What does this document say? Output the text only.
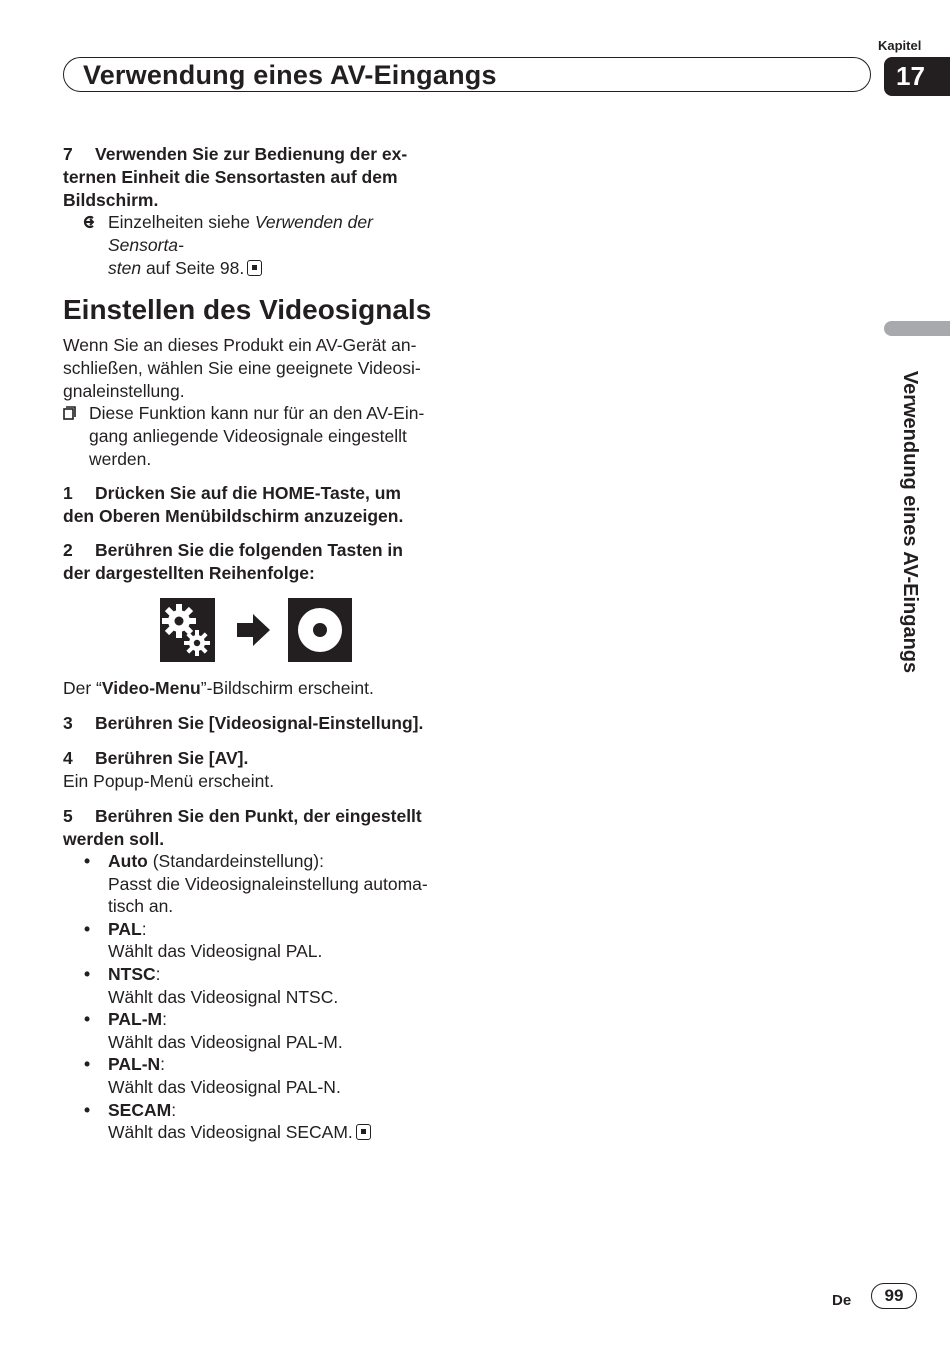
Kapitel
17
Verwendung eines AV-Eingangs
Verwendung eines AV-Eingangs
7 Verwenden Sie zur Bedienung der ex-
ternen Einheit die Sensortasten auf dem
Bildschirm.
Einzelheiten siehe Verwenden der Sensorta-
sten auf Seite 98.
Einstellen des Videosignals
Wenn Sie an dieses Produkt ein AV-Gerät an-
schließen, wählen Sie eine geeignete Videosi-
gnaleinstellung.
Diese Funktion kann nur für an den AV-Ein-
gang anliegende Videosignale eingestellt
werden.
1 Drücken Sie auf die HOME-Taste, um
den Oberen Menübildschirm anzuzeigen.
2 Berühren Sie die folgenden Tasten in
der dargestellten Reihenfolge:
Der “Video-Menu”-Bildschirm erscheint.
3 Berühren Sie [Videosignal-Einstellung].
4 Berühren Sie [AV].
Ein Popup-Menü erscheint.
5 Berühren Sie den Punkt, der eingestellt
werden soll.
• Auto (Standardeinstellung):
Passt die Videosignaleinstellung automa-
tisch an.
• PAL:
Wählt das Videosignal PAL.
• NTSC:
Wählt das Videosignal NTSC.
• PAL-M:
Wählt das Videosignal PAL-M.
• PAL-N:
Wählt das Videosignal PAL-N.
• SECAM:
Wählt das Videosignal SECAM.
De	99
